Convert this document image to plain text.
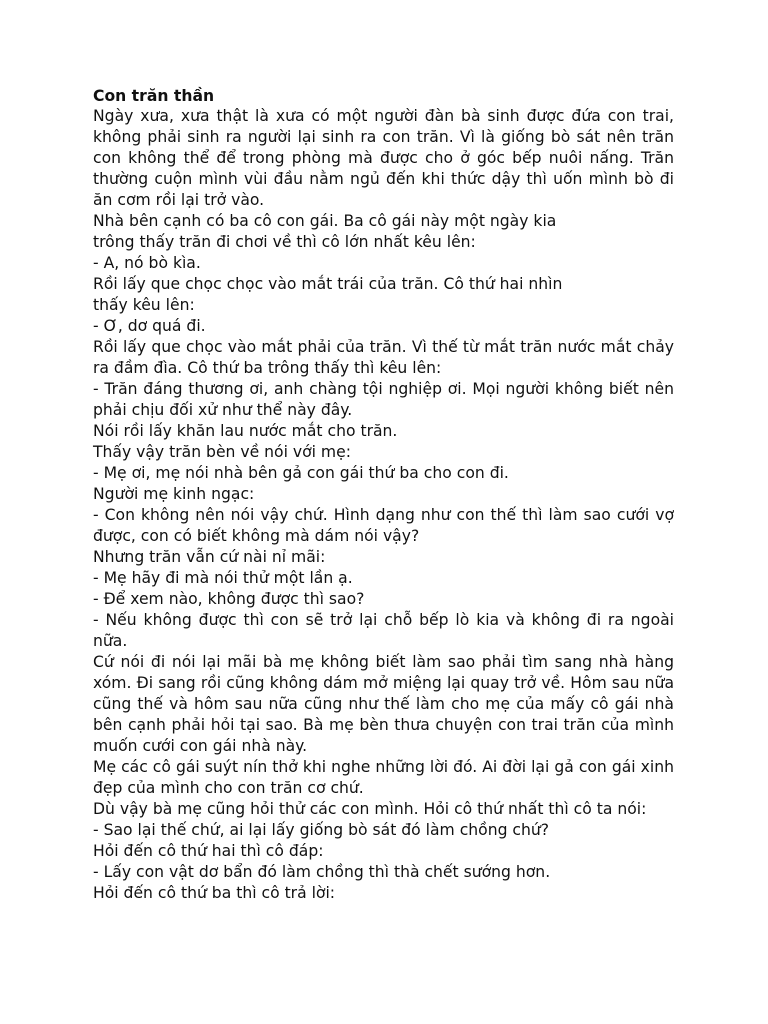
Con trăn thần

Ngày xưa, xưa thật là xưa có một người đàn bà sinh được đứa con trai, không phải sinh ra người lại sinh ra con trăn. Vì là giống bò sát nên trăn con không thể để trong phòng mà được cho ở góc bếp nuôi nấng. Trăn thường cuộn mình vùi đầu nằm ngủ đến khi thức dậy thì uốn mình bò đi ăn cơm rồi lại trở vào.

Nhà bên cạnh có ba cô con gái. Ba cô gái này một ngày kia

trông thấy trăn đi chơi về thì cô lớn nhất kêu lên:

- A, nó bò kìa.

Rồi lấy que chọc chọc vào mắt trái của trăn. Cô thứ hai nhìn

thấy kêu lên:

- Ơ, dơ quá đi.

Rồi lấy que chọc vào mắt phải của trăn. Vì thế từ mắt trăn nước mắt chảy ra đầm đìa. Cô thứ ba trông thấy thì kêu lên:

- Trăn đáng thương ơi, anh chàng tội nghiệp ơi. Mọi người không biết nên phải chịu đối xử như thể này đây.

Nói rồi lấy khăn lau nước mắt cho trăn.

Thấy vậy trăn bèn về nói với mẹ:

- Mẹ ơi, mẹ nói nhà bên gả con gái thứ ba cho con đi.

Người mẹ kinh ngạc:

- Con không nên nói vậy chứ. Hình dạng như con thế thì làm sao cưới vợ được, con có biết không mà dám nói vậy?

Nhưng trăn vẫn cứ nài nỉ mãi:

- Mẹ hãy đi mà nói thử một lần ạ.

- Để xem nào, không được thì sao?

- Nếu không được thì con sẽ trở lại chỗ bếp lò kia và không đi ra ngoài nữa.

Cứ nói đi nói lại mãi bà mẹ không biết làm sao phải tìm sang nhà hàng xóm. Đi sang rồi cũng không dám mở miệng lại quay trở về. Hôm sau nữa cũng thế và hôm sau nữa cũng như thế làm cho mẹ của mấy cô gái nhà bên cạnh phải hỏi tại sao. Bà mẹ bèn thưa chuyện con trai trăn của mình muốn cưới con gái nhà này.

Mẹ các cô gái suýt nín thở khi nghe những lời đó. Ai đời lại gả con gái xinh đẹp của mình cho con trăn cơ chứ.

Dù vậy bà mẹ cũng hỏi thử các con mình. Hỏi cô thứ nhất thì cô ta nói:

- Sao lại thế chứ, ai lại lấy giống bò sát đó làm chồng chứ?

Hỏi đến cô thứ hai thì cô đáp:

- Lấy con vật dơ bẩn đó làm chồng thì thà chết sướng hơn.

Hỏi đến cô thứ ba thì cô trả lời:
